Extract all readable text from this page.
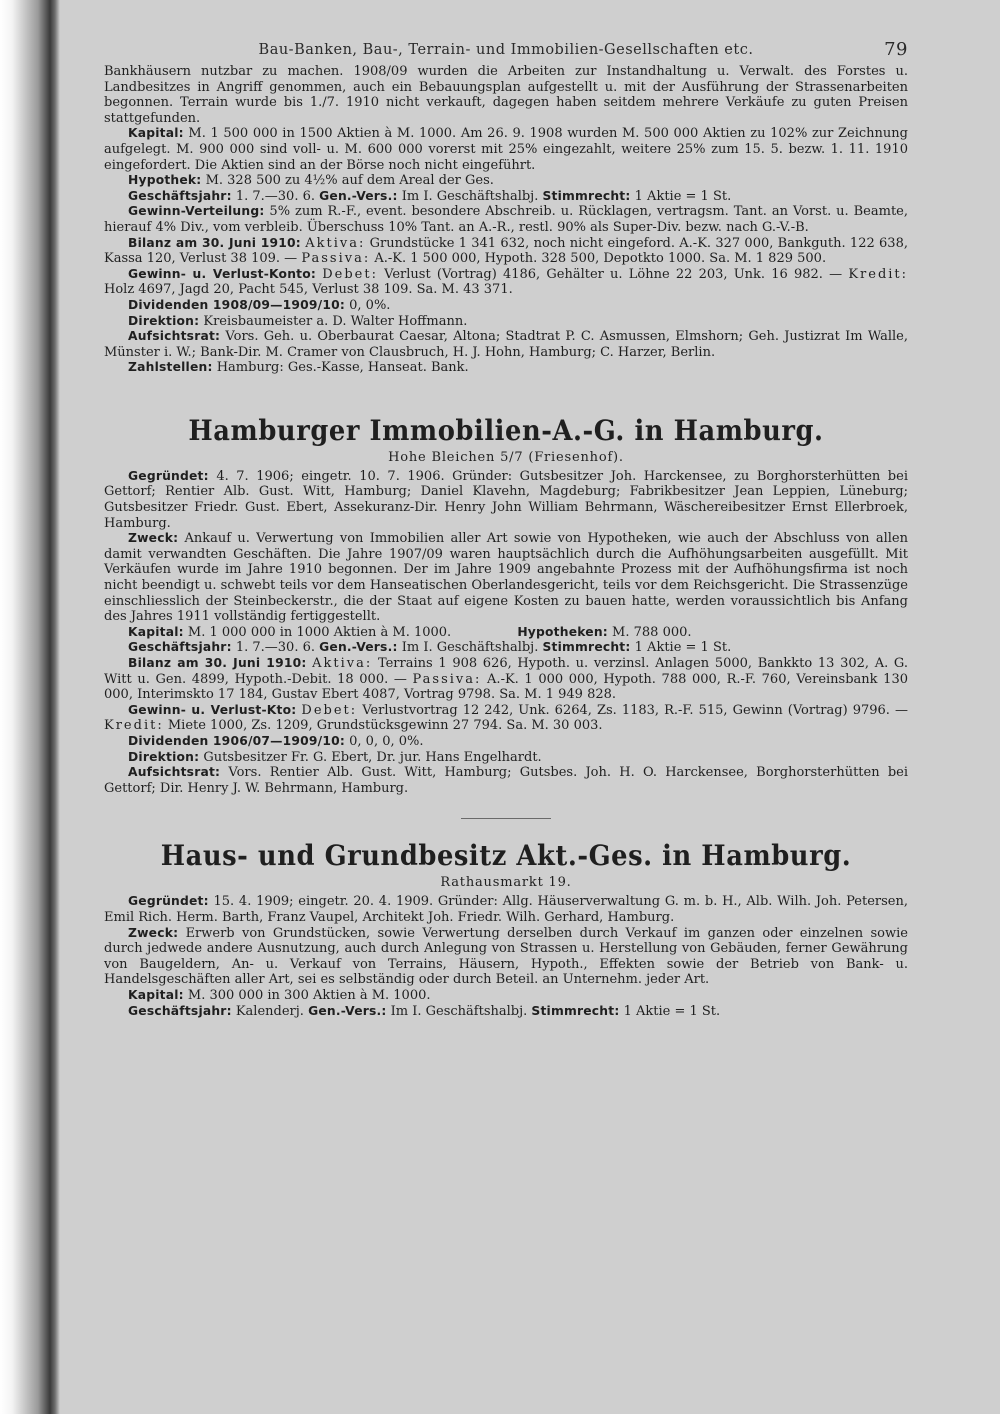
Bau-Banken, Bau-, Terrain- und Immobilien-Gesellschaften etc.	79

Bankhäusern nutzbar zu machen. 1908/09 wurden die Arbeiten zur Instandhaltung u. Verwalt. des Forstes u. Landbesitzes in Angriff genommen, auch ein Bebauungsplan aufgestellt u. mit der Ausführung der Strassenarbeiten begonnen. Terrain wurde bis 1./7. 1910 nicht verkauft, dagegen haben seitdem mehrere Verkäufe zu guten Preisen stattgefunden.

Kapital: M. 1 500 000 in 1500 Aktien à M. 1000. Am 26. 9. 1908 wurden M. 500 000 Aktien zu 102% zur Zeichnung aufgelegt. M. 900 000 sind voll- u. M. 600 000 vorerst mit 25% eingezahlt, weitere 25% zum 15. 5. bezw. 1. 11. 1910 eingefordert. Die Aktien sind an der Börse noch nicht eingeführt.

Hypothek: M. 328 500 zu 4½% auf dem Areal der Ges.

Geschäftsjahr: 1. 7.—30. 6. Gen.-Vers.: Im I. Geschäftshalbj. Stimmrecht: 1 Aktie = 1 St.

Gewinn-Verteilung: 5% zum R.-F., event. besondere Abschreib. u. Rücklagen, vertragsm. Tant. an Vorst. u. Beamte, hierauf 4% Div., vom verbleib. Überschuss 10% Tant. an A.-R., restl. 90% als Super-Div. bezw. nach G.-V.-B.

Bilanz am 30. Juni 1910: Aktiva: Grundstücke 1 341 632, noch nicht eingeford. A.-K. 327 000, Bankguth. 122 638, Kassa 120, Verlust 38 109. — Passiva: A.-K. 1 500 000, Hypoth. 328 500, Depotkto 1000. Sa. M. 1 829 500.

Gewinn- u. Verlust-Konto: Debet: Verlust (Vortrag) 4186, Gehälter u. Löhne 22 203, Unk. 16 982. — Kredit: Holz 4697, Jagd 20, Pacht 545, Verlust 38 109. Sa. M. 43 371.

Dividenden 1908/09—1909/10: 0, 0%.

Direktion: Kreisbaumeister a. D. Walter Hoffmann.

Aufsichtsrat: Vors. Geh. u. Oberbaurat Caesar, Altona; Stadtrat P. C. Asmussen, Elmshorn; Geh. Justizrat Im Walle, Münster i. W.; Bank-Dir. M. Cramer von Clausbruch, H. J. Hohn, Hamburg; C. Harzer, Berlin.

Zahlstellen: Hamburg: Ges.-Kasse, Hanseat. Bank.

Hamburger Immobilien-A.-G. in Hamburg.
Hohe Bleichen 5/7 (Friesenhof).

Gegründet: 4. 7. 1906; eingetr. 10. 7. 1906. Gründer: Gutsbesitzer Joh. Harckensee, zu Borghorsterhütten bei Gettorf; Rentier Alb. Gust. Witt, Hamburg; Daniel Klavehn, Magdeburg; Fabrikbesitzer Jean Leppien, Lüneburg; Gutsbesitzer Friedr. Gust. Ebert, Assekuranz-Dir. Henry John William Behrmann, Wäschereibesitzer Ernst Ellerbroek, Hamburg.

Zweck: Ankauf u. Verwertung von Immobilien aller Art sowie von Hypotheken, wie auch der Abschluss von allen damit verwandten Geschäften. Die Jahre 1907/09 waren hauptsächlich durch die Aufhöhungsarbeiten ausgefüllt. Mit Verkäufen wurde im Jahre 1910 begonnen. Der im Jahre 1909 angebahnte Prozess mit der Aufhöhungsfirma ist noch nicht beendigt u. schwebt teils vor dem Hanseatischen Oberlandesgericht, teils vor dem Reichsgericht. Die Strassenzüge einschliesslich der Steinbeckerstr., die der Staat auf eigene Kosten zu bauen hatte, werden voraussichtlich bis Anfang des Jahres 1911 vollständig fertiggestellt.

Kapital: M. 1 000 000 in 1000 Aktien à M. 1000.	Hypotheken: M. 788 000.

Geschäftsjahr: 1. 7.—30. 6. Gen.-Vers.: Im I. Geschäftshalbj. Stimmrecht: 1 Aktie = 1 St.

Bilanz am 30. Juni 1910: Aktiva: Terrains 1 908 626, Hypoth. u. verzinsl. Anlagen 5000, Bankkto 13 302, A. G. Witt u. Gen. 4899, Hypoth.-Debit. 18 000. — Passiva: A.-K. 1 000 000, Hypoth. 788 000, R.-F. 760, Vereinsbank 130 000, Interimskto 17 184, Gustav Ebert 4087, Vortrag 9798. Sa. M. 1 949 828.

Gewinn- u. Verlust-Kto: Debet: Verlustvortrag 12 242, Unk. 6264, Zs. 1183, R.-F. 515, Gewinn (Vortrag) 9796. — Kredit: Miete 1000, Zs. 1209, Grundstücksgewinn 27 794. Sa. M. 30 003.

Dividenden 1906/07—1909/10: 0, 0, 0, 0%.

Direktion: Gutsbesitzer Fr. G. Ebert, Dr. jur. Hans Engelhardt.

Aufsichtsrat: Vors. Rentier Alb. Gust. Witt, Hamburg; Gutsbes. Joh. H. O. Harckensee, Borghorsterhütten bei Gettorf; Dir. Henry J. W. Behrmann, Hamburg.

Haus- und Grundbesitz Akt.-Ges. in Hamburg.
Rathausmarkt 19.

Gegründet: 15. 4. 1909; eingetr. 20. 4. 1909. Gründer: Allg. Häuserverwaltung G. m. b. H., Alb. Wilh. Joh. Petersen, Emil Rich. Herm. Barth, Franz Vaupel, Architekt Joh. Friedr. Wilh. Gerhard, Hamburg.

Zweck: Erwerb von Grundstücken, sowie Verwertung derselben durch Verkauf im ganzen oder einzelnen sowie durch jedwede andere Ausnutzung, auch durch Anlegung von Strassen u. Herstellung von Gebäuden, ferner Gewährung von Baugeldern, An- u. Verkauf von Terrains, Häusern, Hypoth., Effekten sowie der Betrieb von Bank- u. Handelsgeschäften aller Art, sei es selbständig oder durch Beteil. an Unternehm. jeder Art.

Kapital: M. 300 000 in 300 Aktien à M. 1000.

Geschäftsjahr: Kalenderj. Gen.-Vers.: Im I. Geschäftshalbj. Stimmrecht: 1 Aktie = 1 St.
